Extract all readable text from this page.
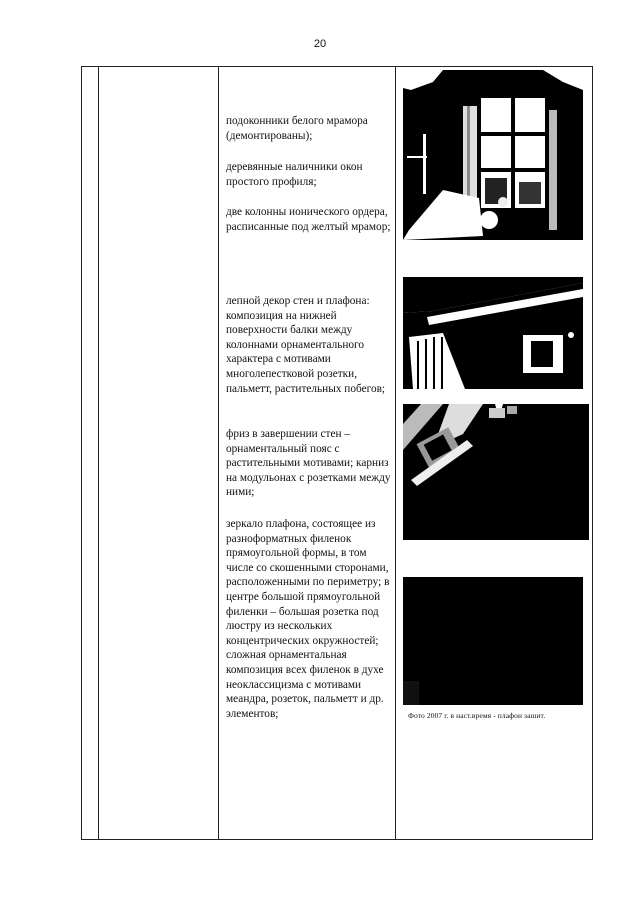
20

подоконники белого мрамора (демонтированы);

деревянные наличники окон простого профиля;

две колонны ионического ордера, расписанные под желтый мрамор;

лепной декор стен и плафона: композиция на нижней поверхности балки между колоннами орнаментального характера с мотивами многолепестковой розетки, пальметт, растительных побегов;

фриз в завершении стен – орнаментальный пояс с растительными мотивами; карниз на модульонах с розетками между ними;

зеркало плафона, состоящее из разноформатных филенок прямоугольной формы, в том числе со скошенными сторонами, расположенными по периметру; в центре большой прямоугольной филенки – большая розетка под люстру из нескольких концентрических окружностей; сложная орнаментальная композиция всех филенок в духе неоклассицизма с мотивами меандра, розеток, пальметт и др. элементов;	Фото 2007 г. в наст.время - плафон зашит.
